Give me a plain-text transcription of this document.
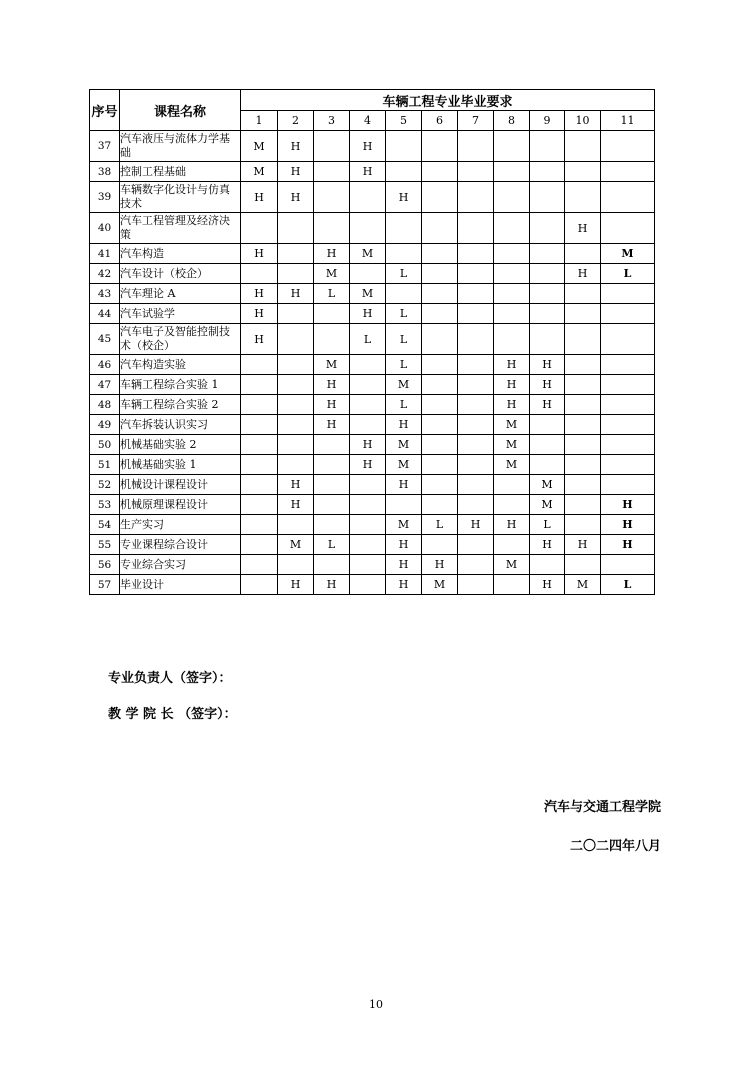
序号	课程名称	车辆工程专业毕业要求										
		1	2	3	4	5	6	7	8	9	10	11
37	汽车液压与流体力学基础	M	H		H							
38	控制工程基础	M	H		H							
39	车辆数字化设计与仿真技术	H	H			H						
40	汽车工程管理及经济决策										H	
41	汽车构造	H		H	M							M
42	汽车设计（校企）			M		L					H	L
43	汽车理论 A	H	H	L	M							
44	汽车试验学	H			H	L						
45	汽车电子及智能控制技术（校企）	H			L	L						
46	汽车构造实验			M		L			H	H		
47	车辆工程综合实验 1			H		M			H	H		
48	车辆工程综合实验 2			H		L			H	H		
49	汽车拆装认识实习			H		H			M			
50	机械基础实验 2				H	M			M			
51	机械基础实验 1				H	M			M			
52	机械设计课程设计		H			H				M		
53	机械原理课程设计		H							M		H
54	生产实习					M	L	H	H	L		H
55	专业课程综合设计		M	L		H				H	H	H
56	专业综合实习					H	H		M			
57	毕业设计		H	H		H	M			H	M	L
专业负责人（签字）：
教 学 院 长 （签字）：
汽车与交通工程学院
二〇二四年八月
10
